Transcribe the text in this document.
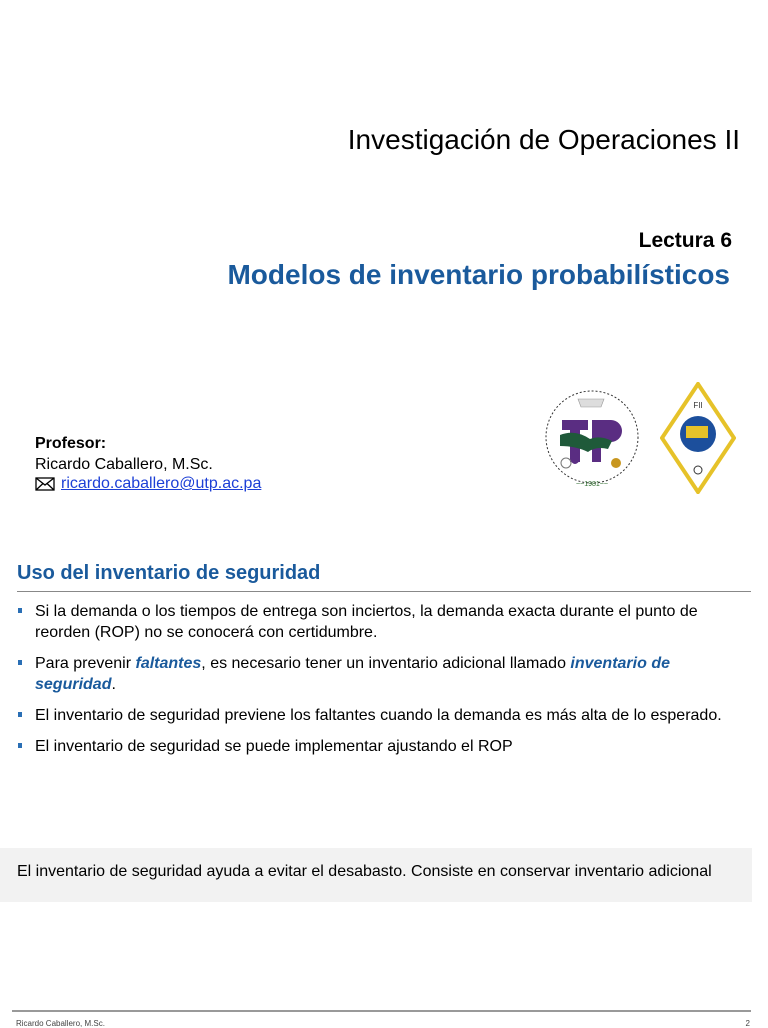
Investigación de Operaciones II
Lectura 6
Modelos de inventario probabilísticos
Profesor:
Ricardo Caballero, M.Sc.
ricardo.caballero@utp.ac.pa	~~1981~~
FII
Uso del inventario de seguridad
Si la demanda o los tiempos de entrega son inciertos, la demanda exacta durante el punto de reorden (ROP) no se conocerá con certidumbre.
Para prevenir faltantes, es necesario tener un inventario adicional llamado inventario de seguridad.
El inventario de seguridad previene los faltantes cuando la demanda es más alta de lo esperado.
El inventario de seguridad se puede implementar ajustando el ROP
El inventario de seguridad ayuda a evitar el desabasto. Consiste en conservar inventario adicional
Ricardo Caballero, M.Sc.	2
